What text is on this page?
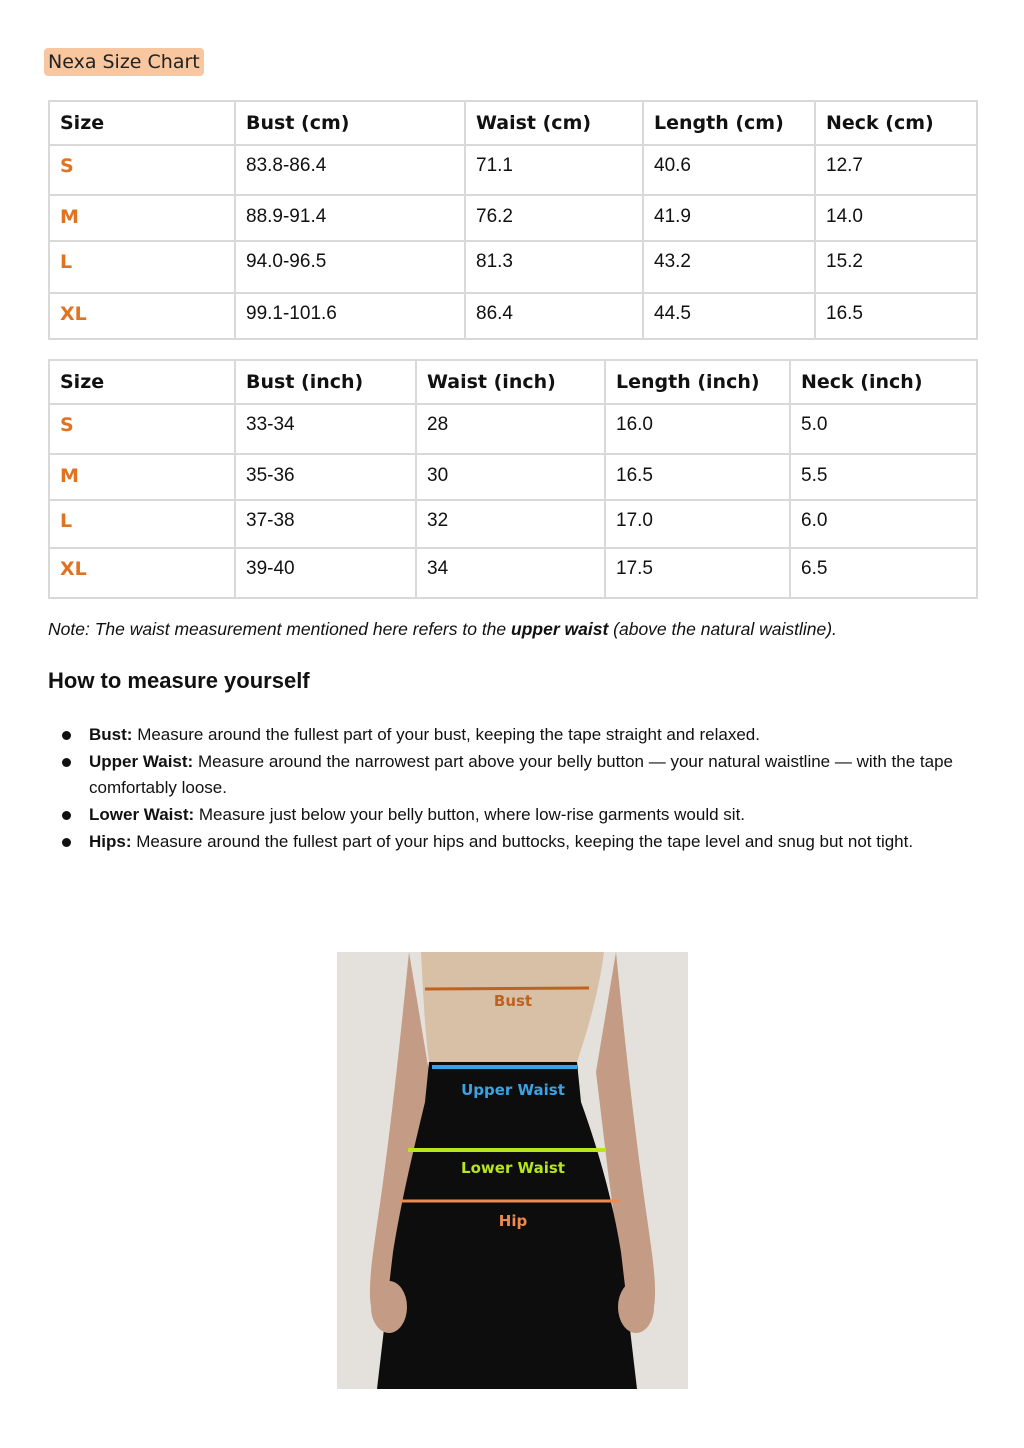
Nexa Size Chart
Size	Bust (cm)	Waist (cm)	Length (cm)	Neck (cm)
S	83.8-86.4	71.1	40.6	12.7
M	88.9-91.4	76.2	41.9	14.0
L	94.0-96.5	81.3	43.2	15.2
XL	99.1-101.6	86.4	44.5	16.5
Size	Bust (inch)	Waist (inch)	Length (inch)	Neck (inch)
S	33-34	28	16.0	5.0
M	35-36	30	16.5	5.5
L	37-38	32	17.0	6.0
XL	39-40	34	17.5	6.5
Note: The waist measurement mentioned here refers to the upper waist (above the natural waistline).
How to measure yourself
Bust: Measure around the fullest part of your bust, keeping the tape straight and relaxed.
Upper Waist: Measure around the narrowest part above your belly button — your natural waistline — with the tape comfortably loose.
Lower Waist: Measure just below your belly button, where low-rise garments would sit.
Hips: Measure around the fullest part of your hips and buttocks, keeping the tape level and snug but not tight.
Bust
Upper Waist
Lower Waist
Hip
